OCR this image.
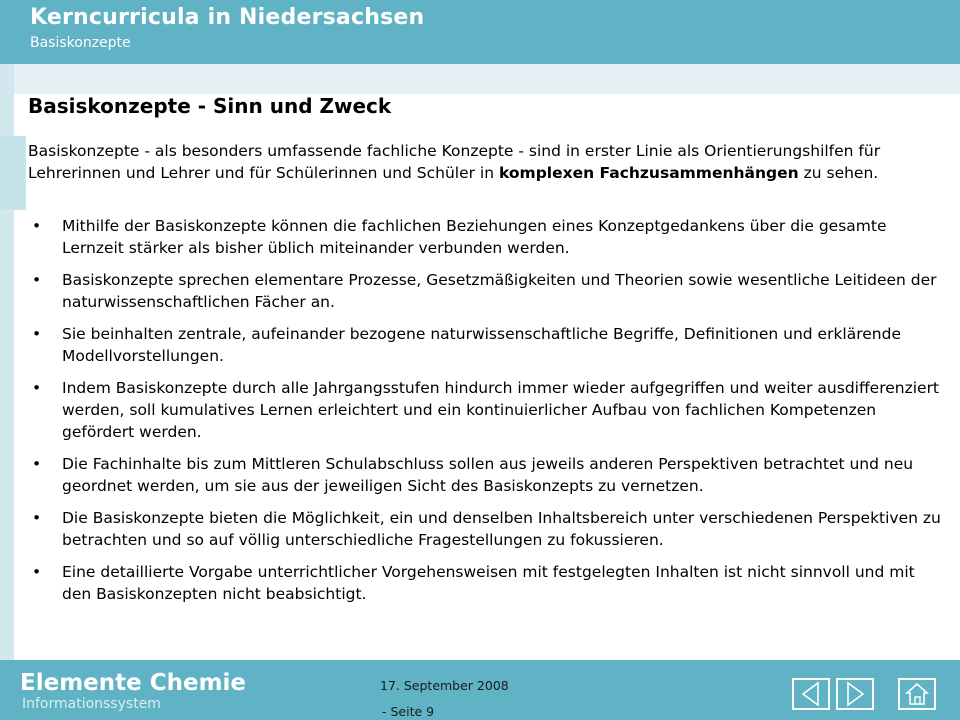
Kerncurricula in Niedersachsen
Basiskonzepte
Basiskonzepte - Sinn und Zweck

Basiskonzepte - als besonders umfassende fachliche Konzepte - sind in erster Linie als Orientierungshilfen für Lehrerinnen und Lehrer und für Schülerinnen und Schüler in komplexen Fachzusammenhängen zu sehen.

• Mithilfe der Basiskonzepte können die fachlichen Beziehungen eines Konzeptgedankens über die gesamte Lernzeit stärker als bisher üblich miteinander verbunden werden.
• Basiskonzepte sprechen elementare Prozesse, Gesetzmäßigkeiten und Theorien sowie wesentliche Leitideen der naturwissenschaftlichen Fächer an.
• Sie beinhalten zentrale, aufeinander bezogene naturwissenschaftliche Begriffe, Definitionen und erklärende Modellvorstellungen.
• Indem Basiskonzepte durch alle Jahrgangsstufen hindurch immer wieder aufgegriffen und weiter ausdifferenziert werden, soll kumulatives Lernen erleichtert und ein kontinuierlicher Aufbau von fachlichen Kompetenzen gefördert werden.
• Die Fachinhalte bis zum Mittleren Schulabschluss sollen aus jeweils anderen Perspektiven betrachtet und neu geordnet werden, um sie aus der jeweiligen Sicht des Basiskonzepts zu vernetzen.
• Die Basiskonzepte bieten die Möglichkeit, ein und denselben Inhaltsbereich unter verschiedenen Perspektiven zu betrachten und so auf völlig unterschiedliche Fragestellungen zu fokussieren.
• Eine detaillierte Vorgabe unterrichtlicher Vorgehensweisen mit festgelegten Inhalten ist nicht sinnvoll und mit den Basiskonzepten nicht beabsichtigt.
Elemente Chemie
Informationssystem
17. September 2008
- Seite 9
